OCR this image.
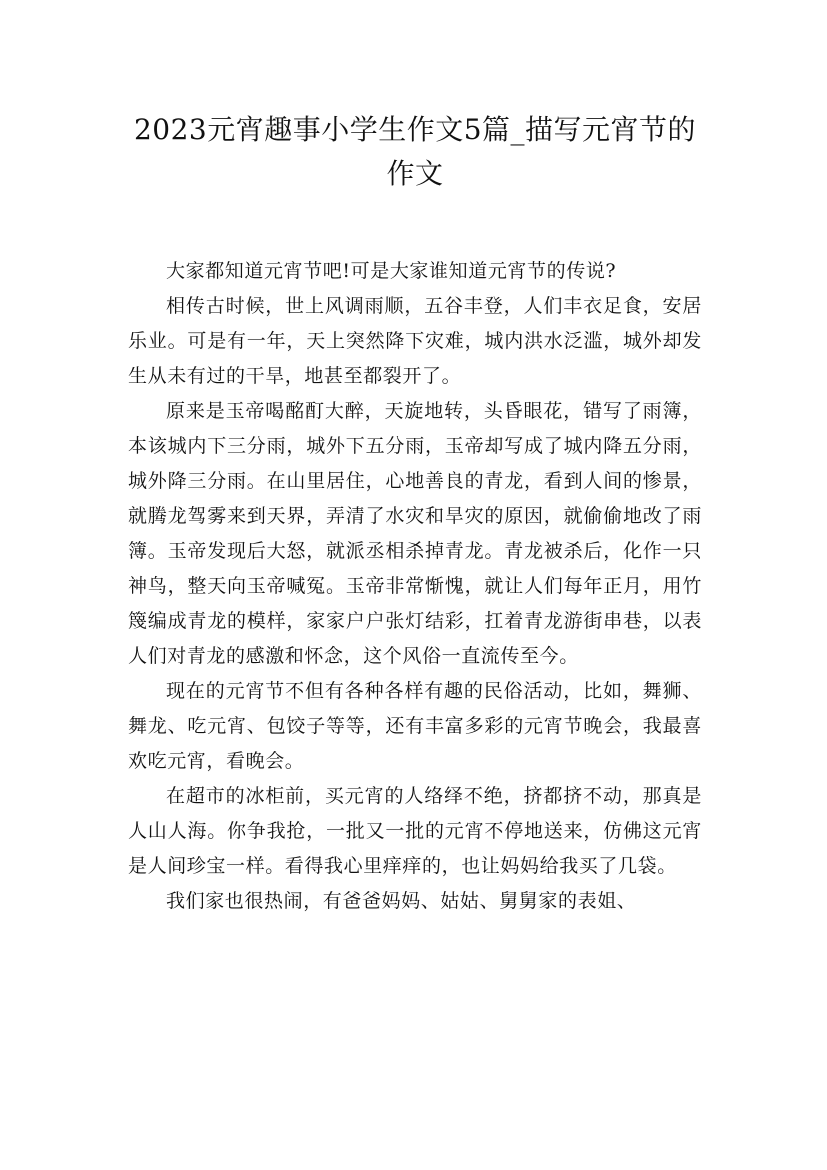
2023元宵趣事小学生作文5篇_描写元宵节的作文

大家都知道元宵节吧!可是大家谁知道元宵节的传说?

相传古时候，世上风调雨顺，五谷丰登，人们丰衣足食，安居乐业。可是有一年，天上突然降下灾难，城内洪水泛滥，城外却发生从未有过的干旱，地甚至都裂开了。

原来是玉帝喝酩酊大醉，天旋地转，头昏眼花，错写了雨簿，本该城内下三分雨，城外下五分雨，玉帝却写成了城内降五分雨，城外降三分雨。在山里居住，心地善良的青龙，看到人间的惨景，就腾龙驾雾来到天界，弄清了水灾和旱灾的原因，就偷偷地改了雨簿。玉帝发现后大怒，就派丞相杀掉青龙。青龙被杀后，化作一只神鸟，整天向玉帝喊冤。玉帝非常惭愧，就让人们每年正月，用竹篾编成青龙的模样，家家户户张灯结彩，扛着青龙游街串巷，以表人们对青龙的感激和怀念，这个风俗一直流传至今。

现在的元宵节不但有各种各样有趣的民俗活动，比如，舞狮、舞龙、吃元宵、包饺子等等，还有丰富多彩的元宵节晚会，我最喜欢吃元宵，看晚会。

在超市的冰柜前，买元宵的人络绎不绝，挤都挤不动，那真是人山人海。你争我抢，一批又一批的元宵不停地送来，仿佛这元宵是人间珍宝一样。看得我心里痒痒的，也让妈妈给我买了几袋。

我们家也很热闹，有爸爸妈妈、姑姑、舅舅家的表姐、
